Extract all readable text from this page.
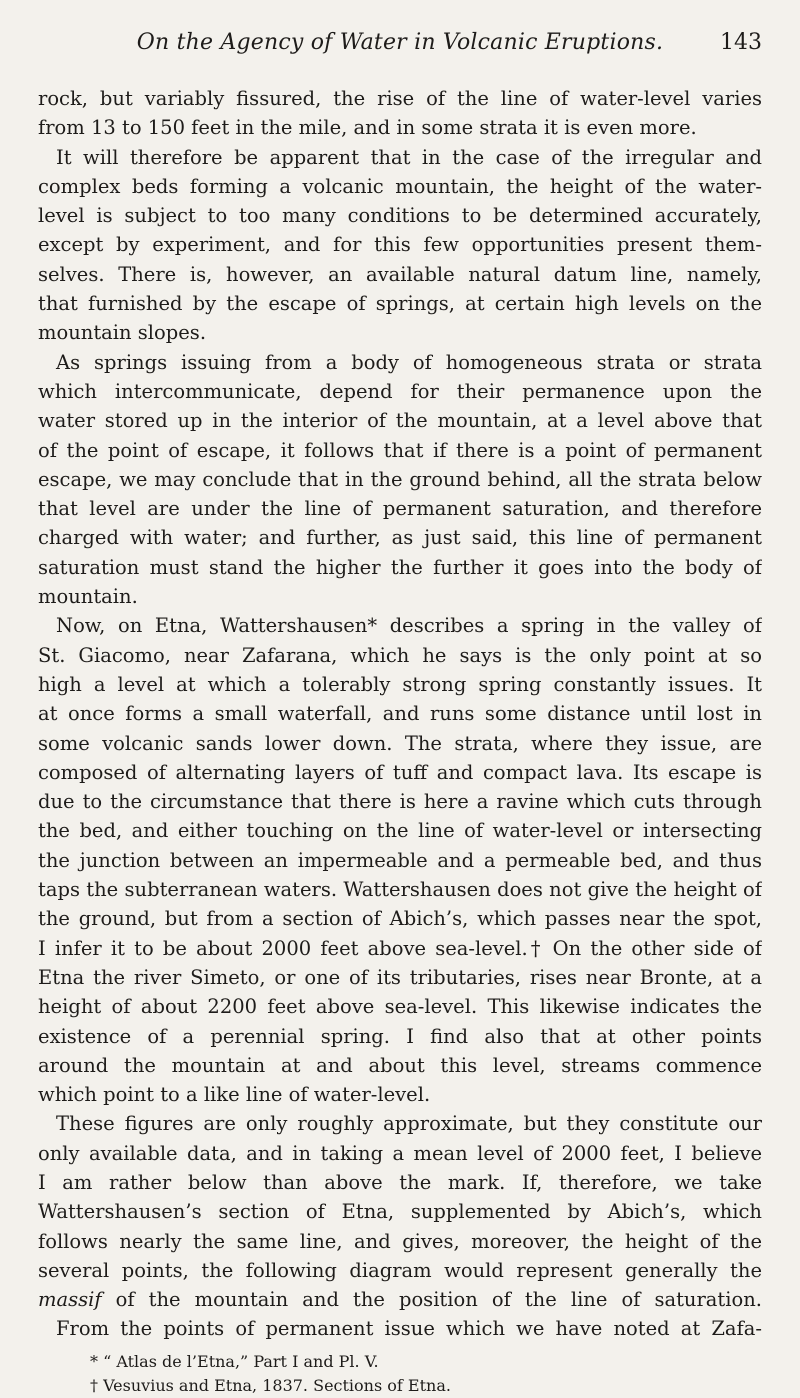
On the Agency of Water in Volcanic Eruptions.	143
rock, but variably fissured, the rise of the line of water-level varies
from 13 to 150 feet in the mile, and in some strata it is even more.
It will therefore be apparent that in the case of the irregular and
complex beds forming a volcanic mountain, the height of the water-
level is subject to too many conditions to be determined accurately,
except by experiment, and for this few opportunities present them-
selves. There is, however, an available natural datum line, namely,
that furnished by the escape of springs, at certain high levels on the
mountain slopes.
As springs issuing from a body of homogeneous strata or strata
which intercommunicate, depend for their permanence upon the
water stored up in the interior of the mountain, at a level above that
of the point of escape, it follows that if there is a point of permanent
escape, we may conclude that in the ground behind, all the strata below
that level are under the line of permanent saturation, and therefore
charged with water; and further, as just said, this line of permanent
saturation must stand the higher the further it goes into the body of
mountain.
Now, on Etna, Wattershausen* describes a spring in the valley of
St. Giacomo, near Zafarana, which he says is the only point at so
high a level at which a tolerably strong spring constantly issues. It
at once forms a small waterfall, and runs some distance until lost in
some volcanic sands lower down. The strata, where they issue, are
composed of alternating layers of tuff and compact lava. Its escape is
due to the circumstance that there is here a ravine which cuts through
the bed, and either touching on the line of water-level or intersecting
the junction between an impermeable and a permeable bed, and thus
taps the subterranean waters. Wattershausen does not give the height of
the ground, but from a section of Abich’s, which passes near the spot,
I infer it to be about 2000 feet above sea-level.† On the other side of
Etna the river Simeto, or one of its tributaries, rises near Bronte, at a
height of about 2200 feet above sea-level. This likewise indicates the
existence of a perennial spring. I find also that at other points
around the mountain at and about this level, streams commence
which point to a like line of water-level.
These figures are only roughly approximate, but they constitute our
only available data, and in taking a mean level of 2000 feet, I believe
I am rather below than above the mark. If, therefore, we take
Wattershausen’s section of Etna, supplemented by Abich’s, which
follows nearly the same line, and gives, moreover, the height of the
several points, the following diagram would represent generally the
massif of the mountain and the position of the line of saturation.
From the points of permanent issue which we have noted at Zafa-
* “ Atlas de l’Etna,” Part I and Pl. V.
† Vesuvius and Etna, 1837. Sections of Etna.
